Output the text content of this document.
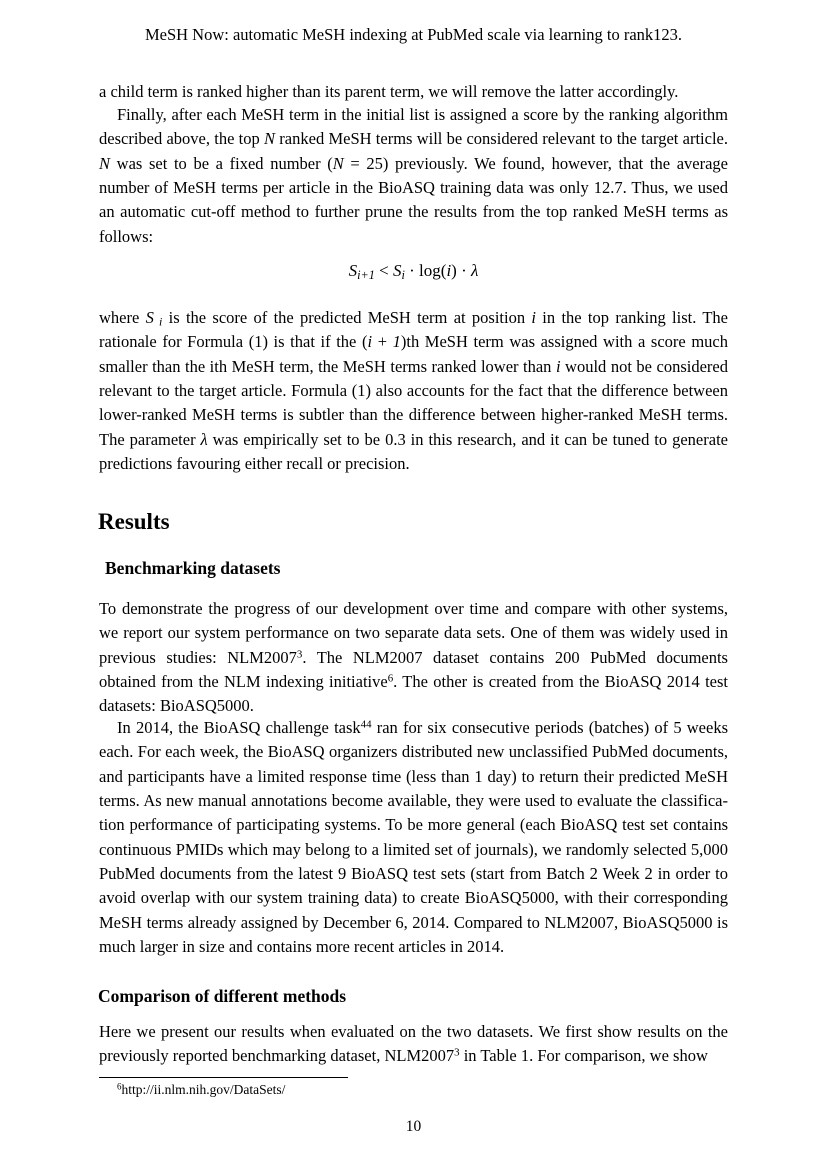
MeSH Now: automatic MeSH indexing at PubMed scale via learning to rank123.
a child term is ranked higher than its parent term, we will remove the latter accordingly.
Finally, after each MeSH term in the initial list is assigned a score by the ranking algorithm described above, the top N ranked MeSH terms will be considered relevant to the target article. N was set to be a fixed number (N = 25) previously. We found, however, that the average number of MeSH terms per article in the BioASQ training data was only 12.7. Thus, we used an automatic cut-off method to further prune the results from the top ranked MeSH terms as follows:
Si+1 < Si · log(i) · λ
where S i is the score of the predicted MeSH term at position i in the top ranking list. The rationale for Formula (1) is that if the (i + 1)th MeSH term was assigned with a score much smaller than the ith MeSH term, the MeSH terms ranked lower than i would not be considered relevant to the target article. Formula (1) also accounts for the fact that the difference between lower-ranked MeSH terms is subtler than the difference between higher-ranked MeSH terms. The parameter λ was empirically set to be 0.3 in this research, and it can be tuned to generate predictions favouring either recall or precision.
Results
Benchmarking datasets
To demonstrate the progress of our development over time and compare with other systems, we report our system performance on two separate data sets. One of them was widely used in previous studies: NLM2007$^3$. The NLM2007 dataset contains 200 PubMed documents obtained from the NLM indexing initiative$^6$. The other is created from the BioASQ 2014 test datasets: BioASQ5000.
In 2014, the BioASQ challenge task$^{44}$ ran for six consecutive periods (batches) of 5 weeks each. For each week, the BioASQ organizers distributed new unclassified PubMed documents, and participants have a limited response time (less than 1 day) to return their predicted MeSH terms. As new manual annotations become available, they were used to evaluate the classification performance of participating systems. To be more general (each BioASQ test set contains continuous PMIDs which may belong to a limited set of journals), we randomly selected 5,000 PubMed documents from the latest 9 BioASQ test sets (start from Batch 2 Week 2 in order to avoid overlap with our system training data) to create BioASQ5000, with their corresponding MeSH terms already assigned by December 6, 2014. Compared to NLM2007, BioASQ5000 is much larger in size and contains more recent articles in 2014.
Comparison of different methods
Here we present our results when evaluated on the two datasets. We first show results on the previously reported benchmarking dataset, NLM2007$^3$ in Table 1. For comparison, we show
$^6$http://ii.nlm.nih.gov/DataSets/
10
